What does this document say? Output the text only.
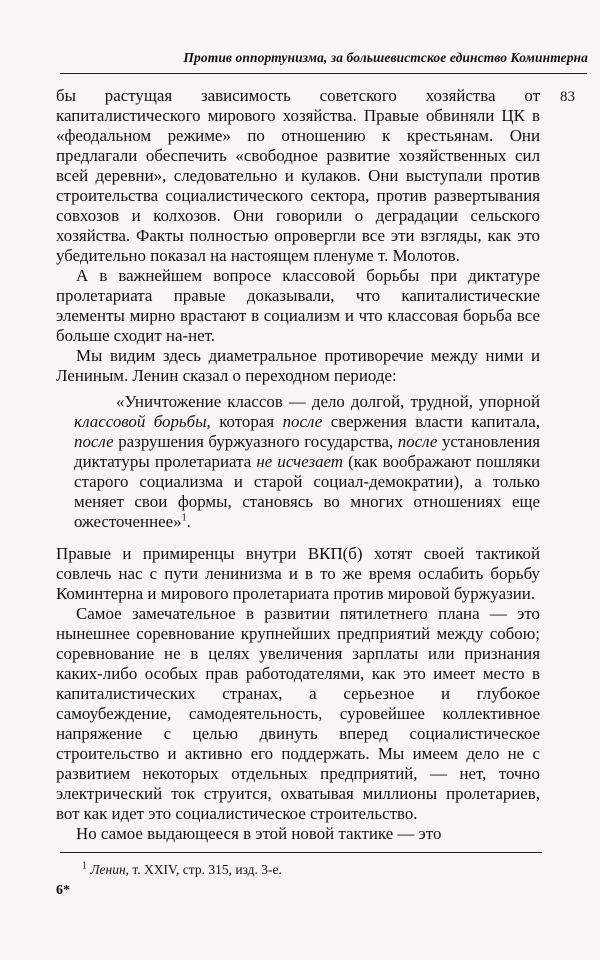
Против оппортунизма, за большевистское единство Коминтерна
83

бы растущая зависимость советского хозяйства от капиталистического мирового хозяйства. Правые обвиняли ЦК в «феодальном режиме» по отношению к крестьянам. Они предлагали обеспечить «свободное развитие хозяйственных сил всей деревни», следовательно и кулаков. Они выступали против строительства социалистического сектора, против развертывания совхозов и колхозов. Они говорили о деградации сельского хозяйства. Факты полностью опровергли все эти взгляды, как это убедительно показал на настоящем пленуме т. Молотов.

А в важнейшем вопросе классовой борьбы при диктатуре пролетариата правые доказывали, что капиталистические элементы мирно врастают в социализм и что классовая борьба все больше сходит на-нет.

Мы видим здесь диаметральное противоречие между ними и Лениным. Ленин сказал о переходном периоде:

«Уничтожение классов — дело долгой, трудной, упорной классовой борьбы, которая после свержения власти капитала, после разрушения буржуазного государства, после установления диктатуры пролетариата не исчезает (как воображают пошляки старого социализма и старой социал-демократии), а только меняет свои формы, становясь во многих отношениях еще ожесточеннее»$^1$.

Правые и примиренцы внутри ВКП(б) хотят своей тактикой совлечь нас с пути ленинизма и в то же время ослабить борьбу Коминтерна и мирового пролетариата против мировой буржуазии.

Самое замечательное в развитии пятилетнего плана — это нынешнее соревнование крупнейших предприятий между собою; соревнование не в целях увеличения зарплаты или признания каких-либо особых прав работодателями, как это имеет место в капиталистических странах, а серьезное и глубокое самоубеждение, самодеятельность, суровейшее коллективное напряжение с целью двинуть вперед социалистическое строительство и активно его поддержать. Мы имеем дело не с развитием некоторых отдельных предприятий, — нет, точно электрический ток струится, охватывая миллионы пролетариев, вот как идет это социалистическое строительство.

Но самое выдающееся в этой новой тактике — это

$^1$ Ленин, т. XXIV, стр. 315, изд. 3-е.
6*
